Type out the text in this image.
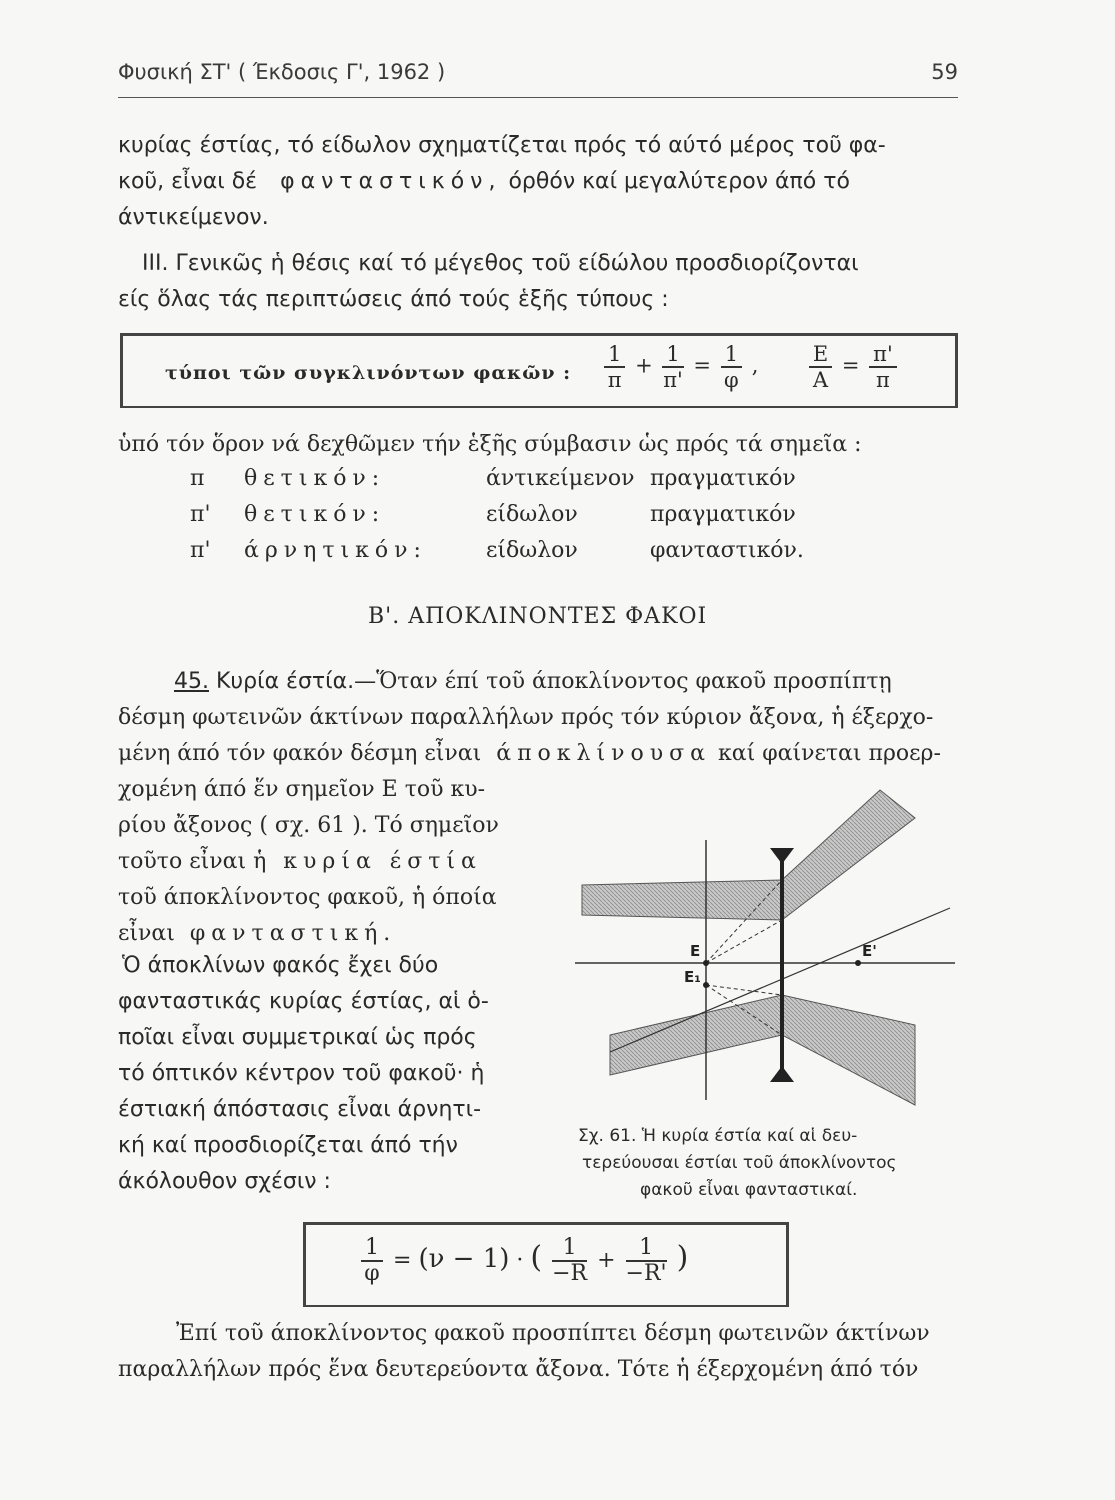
Φυσική ΣΤ' ( Έκδοσις Γ', 1962 )	59
κυρίας έστίας, τό είδωλον σχηματίζεται πρός τό αύτό μέρος τοῦ φα-
κοῦ, εἶναι δέ φανταστικόν, όρθόν καί μεγαλύτερον άπό τό
άντικείμενον.
ΙΙΙ. Γενικῶς ἡ θέσις καί τό μέγεθος τοῦ είδώλου προσδιορίζονται
είς ὅλας τάς περιπτώσεις άπό τούς ἑξῆς τύπους :
τύποι τῶν συγκλινόντων φακῶν : $\frac{1}{\pi} + \frac{1}{\pi'} = \frac{1}{\varphi}$ , $\frac{E}{A} = \frac{\pi'}{\pi}$
ὑπό τόν ὅρον νά δεχθῶμεν τήν ἑξῆς σύμβασιν ὡς πρός τά σημεῖα :
π θετικόν:	άντικείμενον πραγματικόν
π' θετικόν:	είδωλον	πραγματικόν
π' άρνητικόν:	είδωλον	φανταστικόν.
Β'. ΑΠΟΚΛΙΝΟΝΤΕΣ ΦΑΚΟΙ
45. Κυρία έστία.—Ὅταν έπί τοῦ άποκλίνοντος φακοῦ προσπίπτῃ
δέσμη φωτεινῶν άκτίνων παραλλήλων πρός τόν κύριον ἄξονα, ἡ έξερχο-
μένη άπό τόν φακόν δέσμη εἶναι άποκλίνουσα καί φαίνεται προερ-
χομένη άπό ἕν σημεῖον Ε τοῦ κυ-
ρίου ἄξονος ( σχ. 61 ). Τό σημεῖον
τοῦτο εἶναι ἡ κυρία έστία
τοῦ άποκλίνοντος φακοῦ, ἡ όποία
εἶναι φανταστική.
Ὁ άποκλίνων φακός ἔχει δύο
φανταστικάς κυρίας έστίας, αἱ ὁ-
ποῖαι εἶναι συμμετρικαί ὡς πρός
τό όπτικόν κέντρον τοῦ φακοῦ· ἡ
έστιακή άπόστασις εἶναι άρνητι-
κή καί προσδιορίζεται άπό τήν
άκόλουθον σχέσιν :
Ε
Ε₁
Ε'
Σχ. 61. Ἡ κυρία έστία καί αἱ δευ-
τερεύουσαι έστίαι τοῦ άποκλίνοντος
φακοῦ εἶναι φανταστικαί.
$\frac{1}{\varphi} = (\nu - 1)$ · ( $\frac{1}{-R} + \frac{1}{-R'}$ )
Ἐπί τοῦ άποκλίνοντος φακοῦ προσπίπτει δέσμη φωτεινῶν άκτίνων
παραλλήλων πρός ἕνα δευτερεύοντα ἄξονα. Τότε ἡ έξερχομένη άπό τόν
